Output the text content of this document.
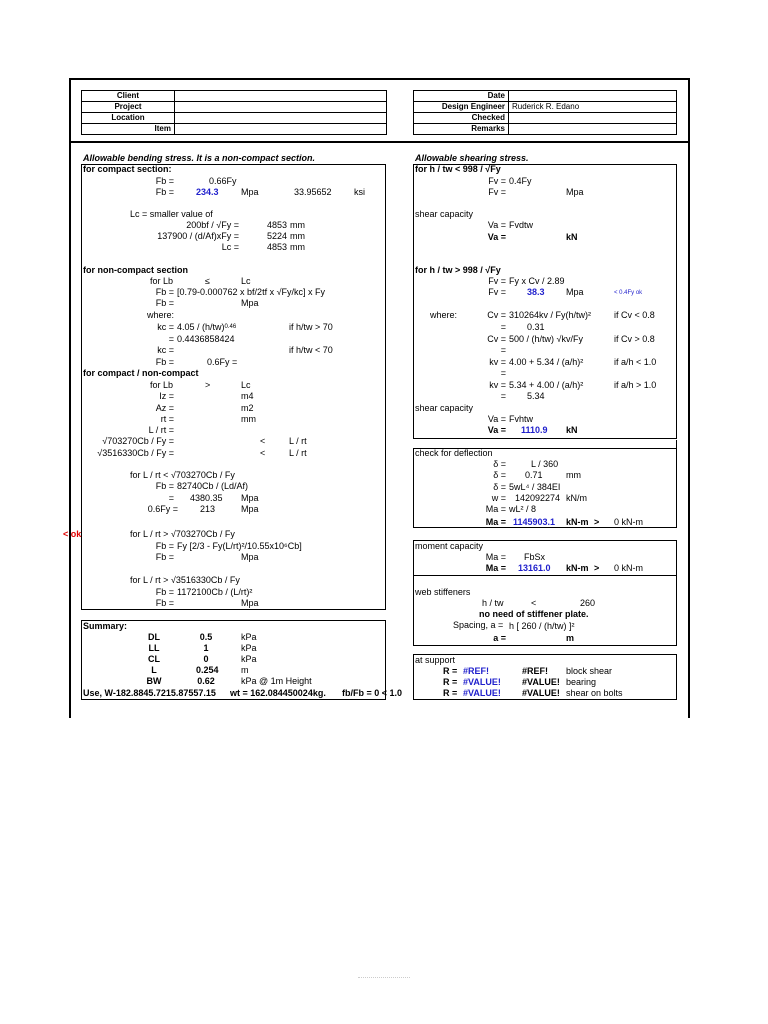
Client	
Project	
Location	
Item	
Date	
Design Engineer	Ruderick R. Edano
Checked	
Remarks	
Allowable bending stress. It is a non-compact section.
for compact section:
Fb =	0.66Fy
Fb = 234.3 Mpa	33.95652 ksi
Lc = smaller value of
200bf / √Fy =	4853 mm
137900 / (d/Af)xFy =	5224 mm
Lc =	4853 mm
for non-compact section
for Lb	≤	Lc
Fb = [0.79-0.000762 x bf/2tf x √Fy/kc] x Fy
Fb =	Mpa
where:
kc = $4.05 / (h/tw)^{0.46}$	if h/tw > 70
= 0.4436858424
kc =	if h/tw < 70
Fb =	0.6Fy =
for compact / non-compact
for Lb	>	Lc
Iz =	m4
Az =	m2
rt =	mm
L / rt =
√703270Cb / Fy =	<	L / rt
√3516330Cb / Fy =	<	L / rt
for L / rt < √703270Cb / Fy
Fb = 82740Cb / (Ld/Af)
= 4380.35 Mpa
0.6Fy = 213	Mpa
< ok	for L / rt > √703270Cb / Fy
Fb = Fy [2/3 - Fy(L/rt)²/10.55x10⁶Cb]
Fb =	Mpa
for L / rt > √3516330Cb / Fy
Fb = 1172100Cb / (L/rt)²
Fb =	Mpa
Summary:
DL	0.5	kPa
LL	1	kPa
CL	0	kPa
L	0.254 m
BW	0.62	kPa @ 1m Height
Use, W-182.8845.7215.87557.15 wt = 162.084450024kg. fb/Fb = 0 < 1.0
Allowable shearing stress.
for h / tw < 998 / √Fy
Fv = 0.4Fy
Fv =	Mpa
shear capacity
Va = Fvdtw
Va =	kN
for h / tw > 998 / √Fy
Fv = Fy x Cv / 2.89
Fv = 38.3 Mpa	< 0.4Fy ok
where:	Cv = 310264kv / Fy(h/tw)²	if Cv < 0.8
= 0.31
Cv = 500 / (h/tw) √kv/Fy	if Cv > 0.8
=
kv = 4.00 + 5.34 / (a/h)²	if a/h < 1.0
=
kv = 5.34 + 4.00 / (a/h)²	if a/h > 1.0
= 5.34
shear capacity
Va = Fvhtw
Va = 1110.9 kN
check for deflection
δ =	L / 360
δ = 0.71	mm
δ = 5wL⁴ / 384EI
w = 142092274 kN/m
Ma = wL² / 8
Ma = 1145903.1 kN-m > 0 kN-m
moment capacity
Ma = FbSx
Ma = 13161.0 kN-m > 0 kN-m
web stiffeners
h / tw	<	260
no need of stiffener plate.
Spacing, a = h [ 260 / (h/tw) ]²
a =	m
at support
R = #REF!	#REF! block shear
R = #VALUE! #VALUE! bearing
R = #VALUE! #VALUE! shear on bolts
